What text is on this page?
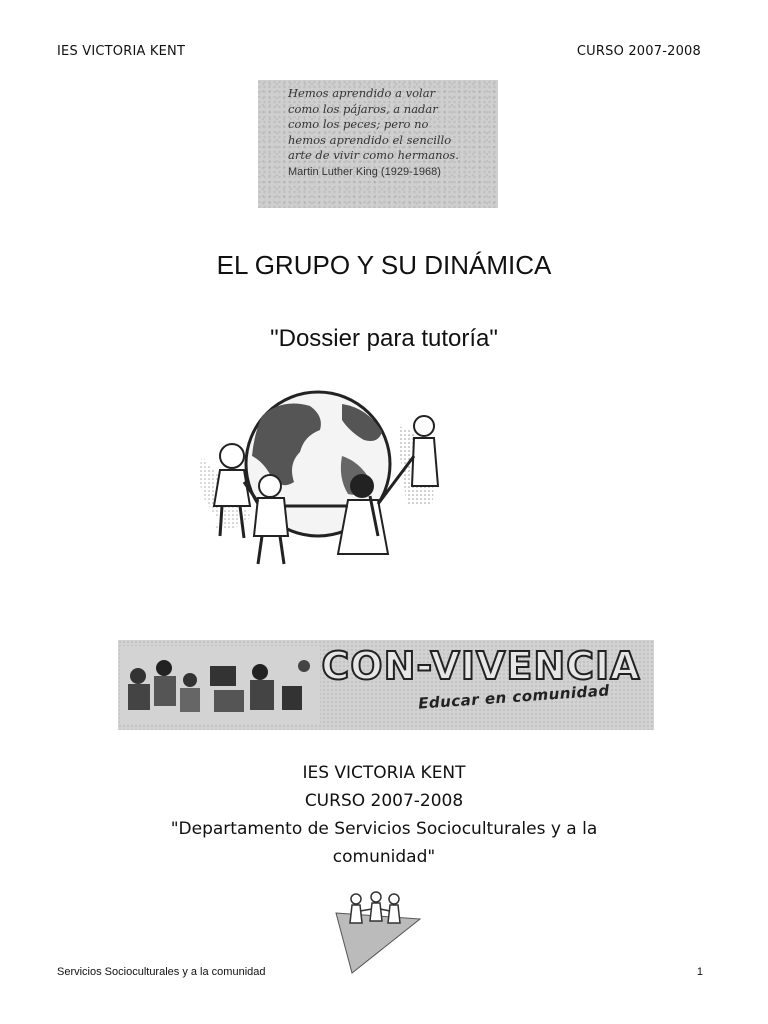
IES VICTORIA KENT	CURSO 2007-2008
Hemos aprendido a volar
como los pájaros, a nadar
como los peces; pero no
hemos aprendido el sencillo
arte de vivir como hermanos.
Martin Luther King (1929-1968)
EL GRUPO Y SU DINÁMICA
"Dossier para tutoría"
CON-VIVENCIA
Educar en comunidad
IES VICTORIA KENT
CURSO 2007-2008
"Departamento de Servicios Socioculturales y a la
comunidad"
Servicios Socioculturales y a la comunidad	1
